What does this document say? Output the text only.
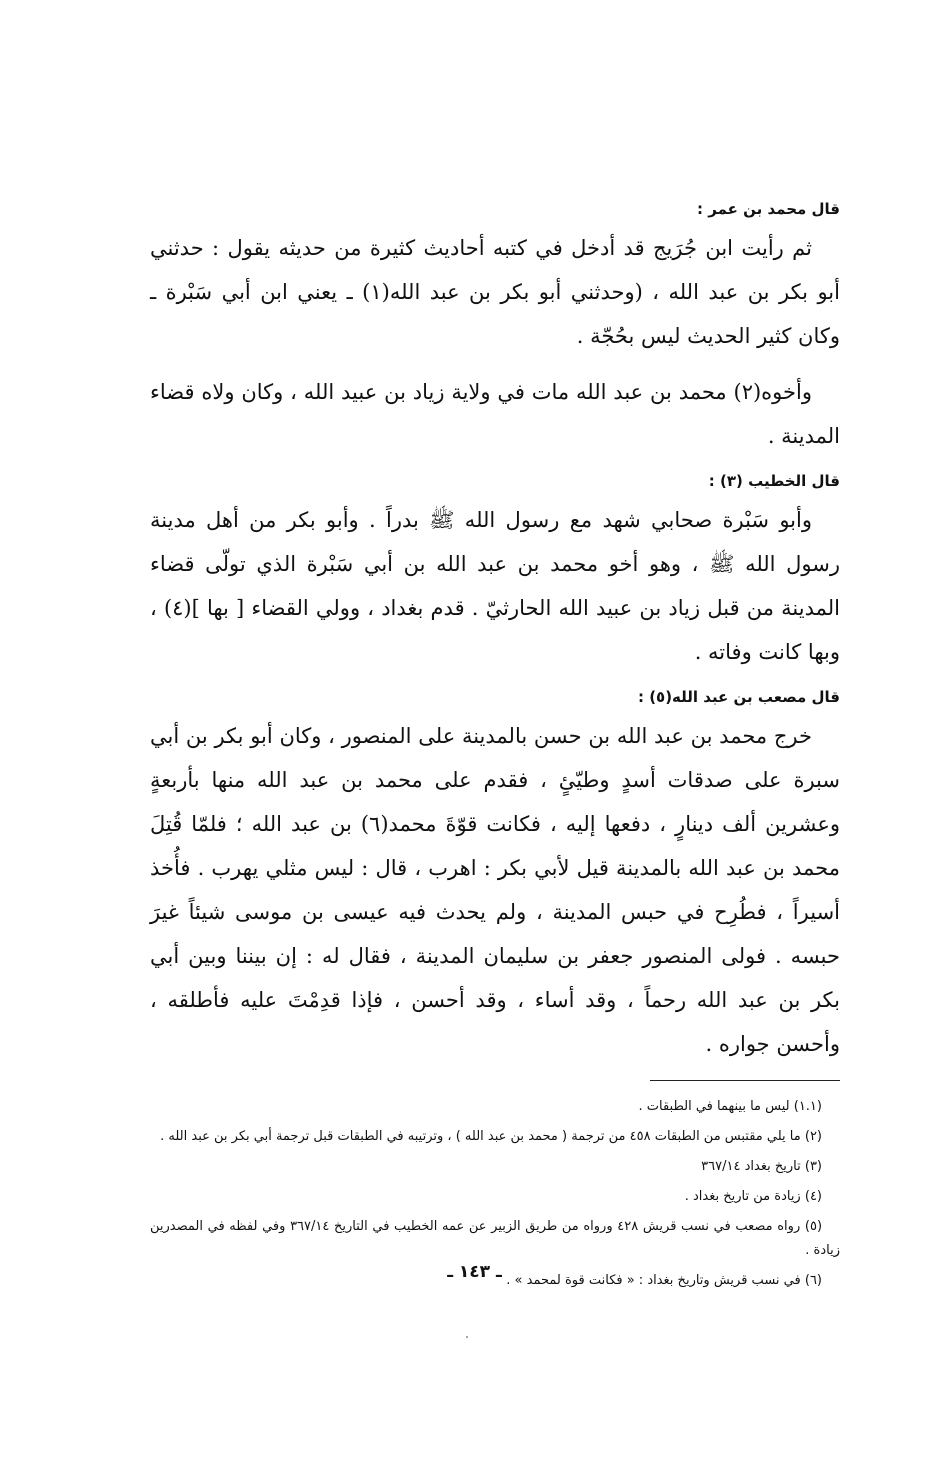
قال محمد بن عمر :

ثم رأيت ابن جُرَيج قد أدخل في كتبه أحاديث كثيرة من حديثه يقول : حدثني أبو بكر بن عبد الله ، (وحدثني أبو بكر بن عبد الله(١) ـ يعني ابن أبي سَبْرة ـ وكان كثير الحديث ليس بحُجّة .

وأخوه(٢) محمد بن عبد الله مات في ولاية زياد بن عبيد الله ، وكان ولاه قضاء المدينة .

قال الخطيب (٣) :

وأبو سَبْرة صحابي شهد مع رسول الله ﷺ بدراً . وأبو بكر من أهل مدينة رسول الله ﷺ ، وهو أخو محمد بن عبد الله بن أبي سَبْرة الذي تولّى قضاء المدينة من قبل زياد بن عبيد الله الحارثيّ . قدم بغداد ، وولي القضاء [ بها ](٤) ، وبها كانت وفاته .

قال مصعب بن عبد الله(٥) :

خرج محمد بن عبد الله بن حسن بالمدينة على المنصور ، وكان أبو بكر بن أبي سبرة على صدقات أسدٍ وطيّئٍ ، فقدم على محمد بن عبد الله منها بأربعةٍ وعشرين ألف دينارٍ ، دفعها إليه ، فكانت قوّةَ محمد(٦) بن عبد الله ؛ فلمّا قُتِلَ محمد بن عبد الله بالمدينة قيل لأبي بكر : اهرب ، قال : ليس مثلي يهرب . فأُخذ أسيراً ، فطُرِح في حبس المدينة ، ولم يحدث فيه عيسى بن موسى شيئاً غيرَ حبسه . فولى المنصور جعفر بن سليمان المدينة ، فقال له : إن بيننا وبين أبي بكر بن عبد الله رحماً ، وقد أساء ، وقد أحسن ، فإذا قدِمْتَ عليه فأطلقه ، وأحسن جواره .

(١.١) ليس ما بينهما في الطبقات .

(٢) ما يلي مقتبس من الطبقات ٤٥٨ من ترجمة ( محمد بن عبد الله ) ، وترتيبه في الطبقات قبل ترجمة أبي بكر بن عبد الله .

(٣) تاريخ بغداد ٣٦٧/١٤

(٤) زيادة من تاريخ بغداد .

(٥) رواه مصعب في نسب قريش ٤٢٨ ورواه من طريق الزبير عن عمه الخطيب في التاريخ ٣٦٧/١٤ وفي لفظه في المصدرين زيادة .

(٦) في نسب قريش وتاريخ بغداد : « فكانت قوة لمحمد » .

ـ ١٤٣ ـ
